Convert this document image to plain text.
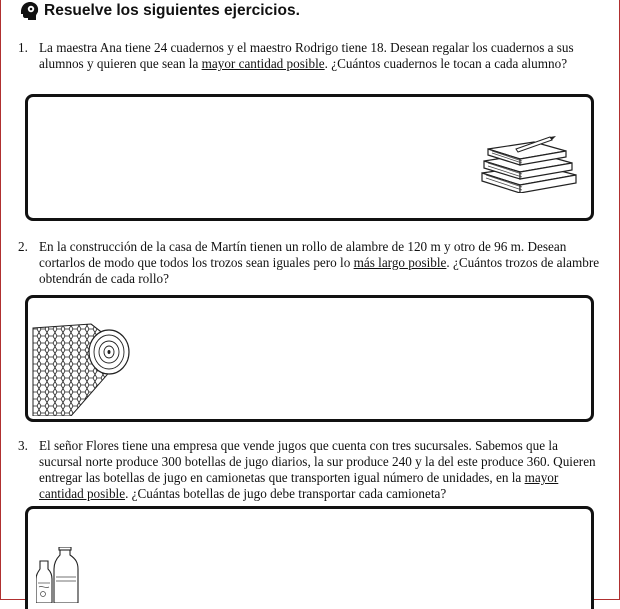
Resuelve los siguientes ejercicios.
1. La maestra Ana tiene 24 cuadernos y el maestro Rodrigo tiene 18. Desean regalar los cuadernos a sus alumnos y quieren que sean la mayor cantidad posible. ¿Cuántos cuadernos le tocan a cada alumno?
2. En la construcción de la casa de Martín tienen un rollo de alambre de 120 m y otro de 96 m. Desean cortarlos de modo que todos los trozos sean iguales pero lo más largo posible. ¿Cuántos trozos de alambre obtendrán de cada rollo?
3. El señor Flores tiene una empresa que vende jugos que cuenta con tres sucursales. Sabemos que la sucursal norte produce 300 botellas de jugo diarios, la sur produce 240 y la del este produce 360. Quieren entregar las botellas de jugo en camionetas que transporten igual número de unidades, en la mayor cantidad posible. ¿Cuántas botellas de jugo debe transportar cada camioneta?
